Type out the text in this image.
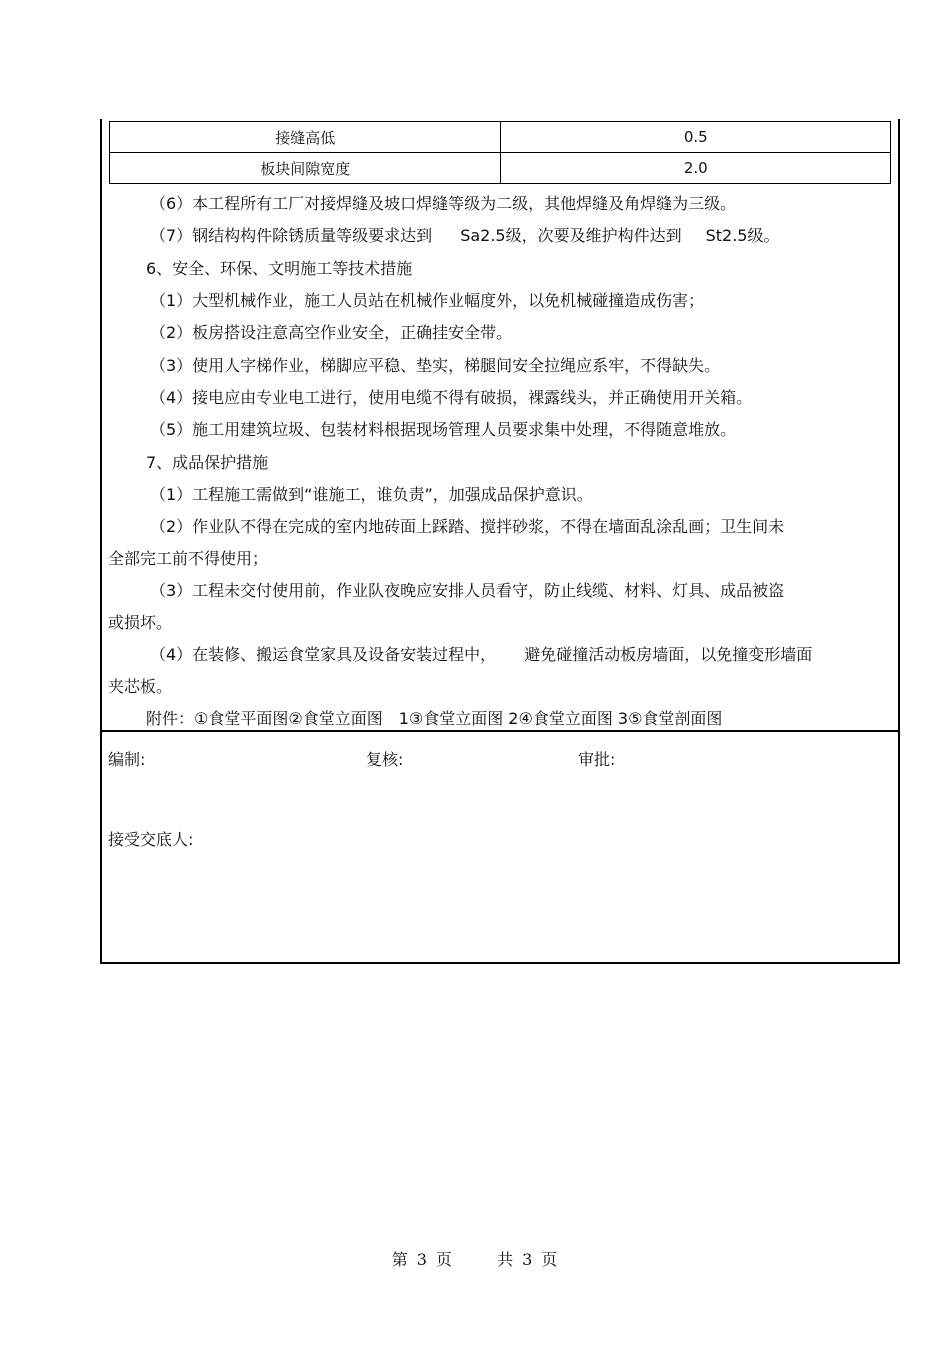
接缝高低	0.5
板块间隙宽度	2.0
（6）本工程所有工厂对接焊缝及坡口焊缝等级为二级，其他焊缝及角焊缝为三级。
（7）钢结构构件除锈质量等级要求达到 Sa2.5级，次要及维护构件达到 St2.5级。
6、安全、环保、文明施工等技术措施
（1）大型机械作业，施工人员站在机械作业幅度外，以免机械碰撞造成伤害；
（2）板房搭设注意高空作业安全，正确挂安全带。
（3）使用人字梯作业，梯脚应平稳、垫实，梯腿间安全拉绳应系牢，不得缺失。
（4）接电应由专业电工进行，使用电缆不得有破损，裸露线头，并正确使用开关箱。
（5）施工用建筑垃圾、包装材料根据现场管理人员要求集中处理，不得随意堆放。
7、成品保护措施
（1）工程施工需做到“谁施工，谁负责”，加强成品保护意识。
（2）作业队不得在完成的室内地砖面上踩踏、搅拌砂浆，不得在墙面乱涂乱画；卫生间未
全部完工前不得使用；
（3）工程未交付使用前，作业队夜晚应安排人员看守，防止线缆、材料、灯具、成品被盗
或损坏。
（4）在装修、搬运食堂家具及设备安装过程中， 避免碰撞活动板房墙面，以免撞变形墙面
夹芯板。
附件：①食堂平面图②食堂立面图　1③食堂立面图 2④食堂立面图 3⑤食堂剖面图
编制:	复核:	审批:
接受交底人:
第 3 页	共 3 页
